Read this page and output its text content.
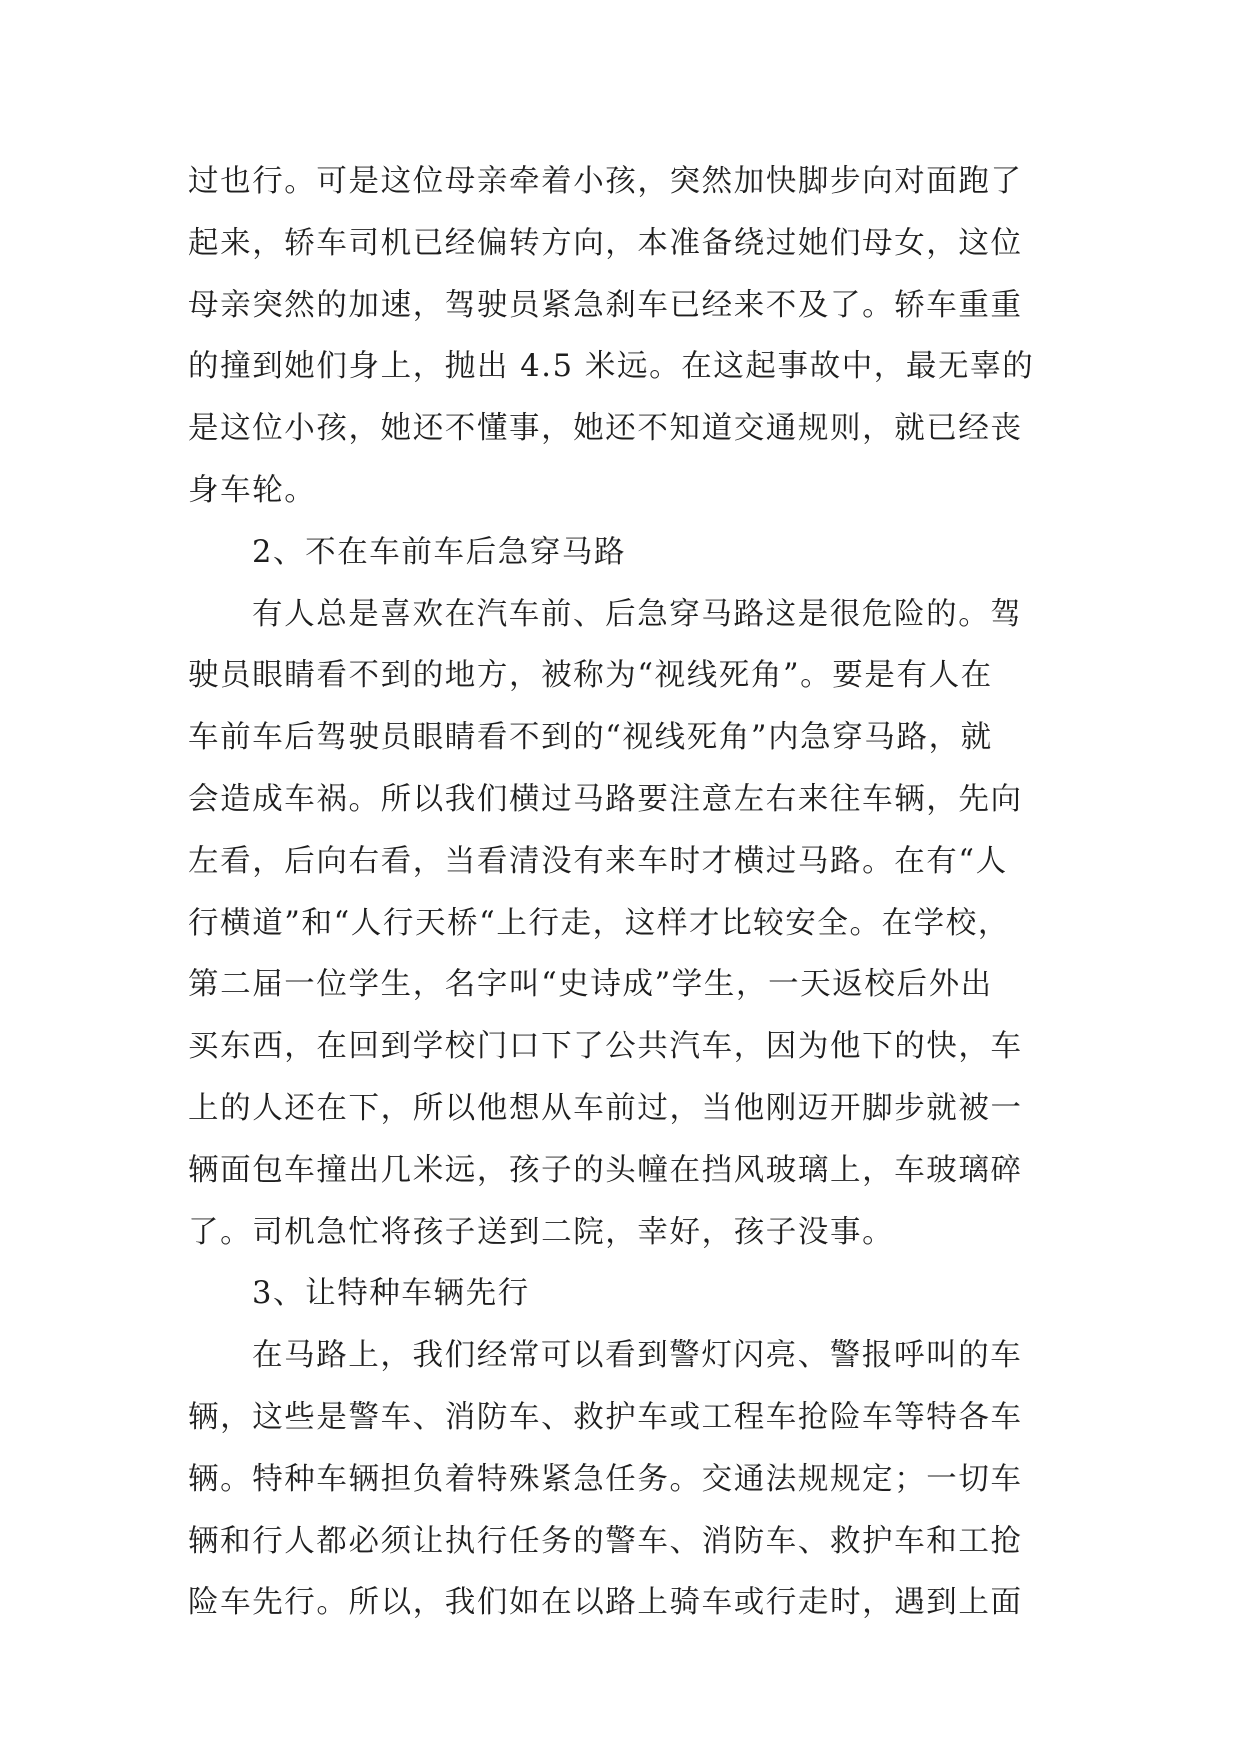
过也行。可是这位母亲牵着小孩，突然加快脚步向对面跑了
起来，轿车司机已经偏转方向，本准备绕过她们母女，这位
母亲突然的加速，驾驶员紧急刹车已经来不及了。轿车重重
的撞到她们身上，抛出 4.5 米远。在这起事故中，最无辜的
是这位小孩，她还不懂事，她还不知道交通规则，就已经丧
身车轮。
2、不在车前车后急穿马路
有人总是喜欢在汽车前、后急穿马路这是很危险的。驾
驶员眼睛看不到的地方，被称为“视线死角”。要是有人在
车前车后驾驶员眼睛看不到的“视线死角”内急穿马路，就
会造成车祸。所以我们横过马路要注意左右来往车辆，先向
左看，后向右看，当看清没有来车时才横过马路。在有“人
行横道”和“人行天桥“上行走，这样才比较安全。在学校，
第二届一位学生，名字叫“史诗成”学生，一天返校后外出
买东西，在回到学校门口下了公共汽车，因为他下的快，车
上的人还在下，所以他想从车前过，当他刚迈开脚步就被一
辆面包车撞出几米远，孩子的头幢在挡风玻璃上，车玻璃碎
了。司机急忙将孩子送到二院，幸好，孩子没事。
3、让特种车辆先行
在马路上，我们经常可以看到警灯闪亮、警报呼叫的车
辆，这些是警车、消防车、救护车或工程车抢险车等特各车
辆。特种车辆担负着特殊紧急任务。交通法规规定；一切车
辆和行人都必须让执行任务的警车、消防车、救护车和工抢
险车先行。所以，我们如在以路上骑车或行走时，遇到上面
